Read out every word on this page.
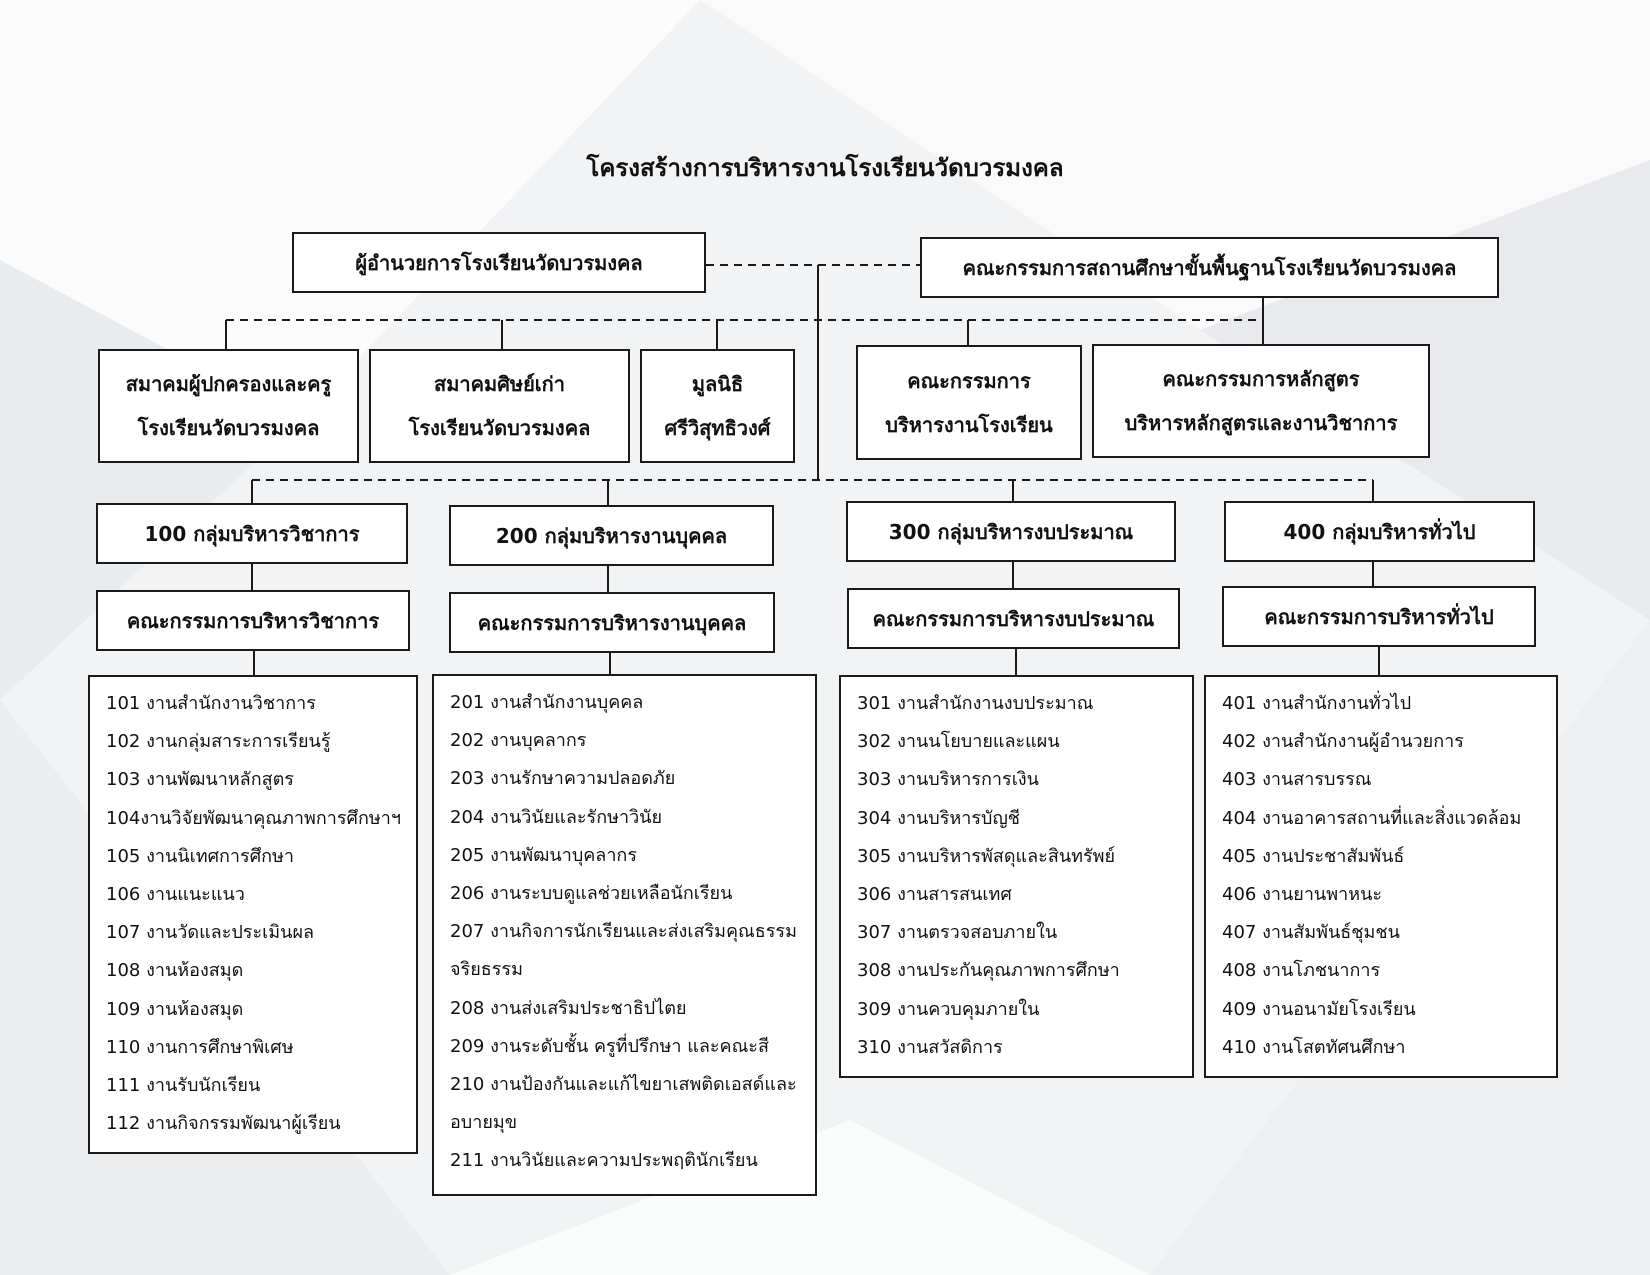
โครงสร้างการบริหารงานโรงเรียนวัดบวรมงคล
ผู้อำนวยการโรงเรียนวัดบวรมงคล	คณะกรรมการสถานศึกษาขั้นพื้นฐานโรงเรียนวัดบวรมงคล
สมาคมผู้ปกครองและครู
โรงเรียนวัดบวรมงคล
สมาคมศิษย์เก่า
โรงเรียนวัดบวรมงคล
มูลนิธิ
ศรีวิสุทธิวงศ์
คณะกรรมการ
บริหารงานโรงเรียน
คณะกรรมการหลักสูตร
บริหารหลักสูตรและงานวิชาการ
100 กลุ่มบริหารวิชาการ
คณะกรรมการบริหารวิชาการ
101 งานสำนักงานวิชาการ
102 งานกลุ่มสาระการเรียนรู้
103 งานพัฒนาหลักสูตร
104งานวิจัยพัฒนาคุณภาพการศึกษาฯ
105 งานนิเทศการศึกษา
106 งานแนะแนว
107 งานวัดและประเมินผล
108 งานห้องสมุด
109 งานห้องสมุด
110 งานการศึกษาพิเศษ
111 งานรับนักเรียน
112 งานกิจกรรมพัฒนาผู้เรียน
200 กลุ่มบริหารงานบุคคล
คณะกรรมการบริหารงานบุคคล
201 งานสำนักงานบุคคล
202 งานบุคลากร
203 งานรักษาความปลอดภัย
204 งานวินัยและรักษาวินัย
205 งานพัฒนาบุคลากร
206 งานระบบดูแลช่วยเหลือนักเรียน
207 งานกิจการนักเรียนและส่งเสริมคุณธรรม
จริยธรรม
208 งานส่งเสริมประชาธิปไตย
209 งานระดับชั้น ครูที่ปรึกษา และคณะสี
210 งานป้องกันและแก้ไขยาเสพติดเอสด์และ
อบายมุข
211 งานวินัยและความประพฤตินักเรียน
300 กลุ่มบริหารงบประมาณ
คณะกรรมการบริหารงบประมาณ
301 งานสำนักงานงบประมาณ
302 งานนโยบายและแผน
303 งานบริหารการเงิน
304 งานบริหารบัญชี
305 งานบริหารพัสดุและสินทรัพย์
306 งานสารสนเทศ
307 งานตรวจสอบภายใน
308 งานประกันคุณภาพการศึกษา
309 งานควบคุมภายใน
310 งานสวัสดิการ
400 กลุ่มบริหารทั่วไป
คณะกรรมการบริหารทั่วไป
401 งานสำนักงานทั่วไป
402 งานสำนักงานผู้อำนวยการ
403 งานสารบรรณ
404 งานอาคารสถานที่และสิ่งแวดล้อม
405 งานประชาสัมพันธ์
406 งานยานพาหนะ
407 งานสัมพันธ์ชุมชน
408 งานโภชนาการ
409 งานอนามัยโรงเรียน
410 งานโสตทัศนศึกษา
